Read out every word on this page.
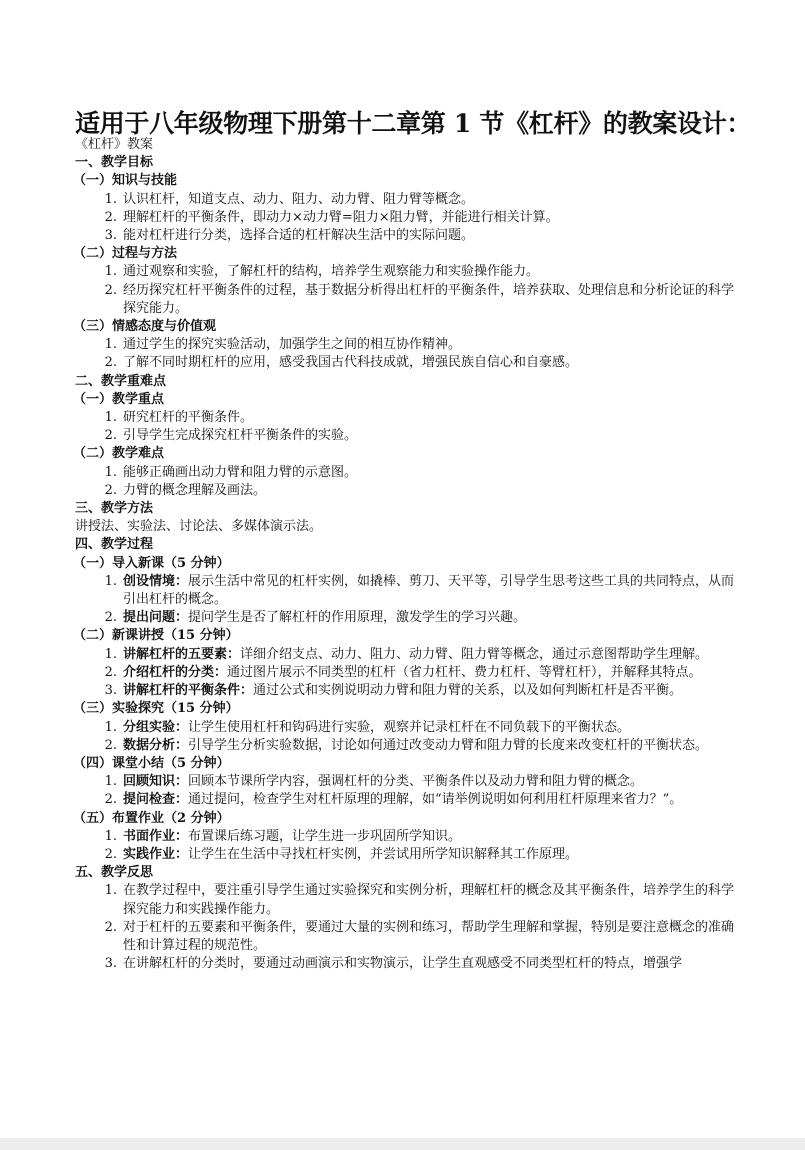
适用于八年级物理下册第十二章第 1 节《杠杆》的教案设计：
《杠杆》教案
一、教学目标
（一）知识与技能
1. 认识杠杆，知道支点、动力、阻力、动力臂、阻力臂等概念。
2. 理解杠杆的平衡条件，即动力×动力臂=阻力×阻力臂，并能进行相关计算。
3. 能对杠杆进行分类，选择合适的杠杆解决生活中的实际问题。
（二）过程与方法
1. 通过观察和实验，了解杠杆的结构，培养学生观察能力和实验操作能力。
2. 经历探究杠杆平衡条件的过程，基于数据分析得出杠杆的平衡条件，培养获取、处理信息和分析论证的科学探究能力。
（三）情感态度与价值观
1. 通过学生的探究实验活动，加强学生之间的相互协作精神。
2. 了解不同时期杠杆的应用，感受我国古代科技成就，增强民族自信心和自豪感。
二、教学重难点
（一）教学重点
1. 研究杠杆的平衡条件。
2. 引导学生完成探究杠杆平衡条件的实验。
（二）教学难点
1. 能够正确画出动力臂和阻力臂的示意图。
2. 力臂的概念理解及画法。
三、教学方法
讲授法、实验法、讨论法、多媒体演示法。
四、教学过程
（一）导入新课（5 分钟）
1. 创设情境：展示生活中常见的杠杆实例，如撬棒、剪刀、天平等，引导学生思考这些工具的共同特点，从而引出杠杆的概念。
2. 提出问题：提问学生是否了解杠杆的作用原理，激发学生的学习兴趣。
（二）新课讲授（15 分钟）
1. 讲解杠杆的五要素：详细介绍支点、动力、阻力、动力臂、阻力臂等概念，通过示意图帮助学生理解。
2. 介绍杠杆的分类：通过图片展示不同类型的杠杆（省力杠杆、费力杠杆、等臂杠杆），并解释其特点。
3. 讲解杠杆的平衡条件：通过公式和实例说明动力臂和阻力臂的关系，以及如何判断杠杆是否平衡。
（三）实验探究（15 分钟）
1. 分组实验：让学生使用杠杆和钩码进行实验，观察并记录杠杆在不同负载下的平衡状态。
2. 数据分析：引导学生分析实验数据，讨论如何通过改变动力臂和阻力臂的长度来改变杠杆的平衡状态。
（四）课堂小结（5 分钟）
1. 回顾知识：回顾本节课所学内容，强调杠杆的分类、平衡条件以及动力臂和阻力臂的概念。
2. 提问检查：通过提问，检查学生对杠杆原理的理解，如“请举例说明如何利用杠杆原理来省力？”。
（五）布置作业（2 分钟）
1. 书面作业：布置课后练习题，让学生进一步巩固所学知识。
2. 实践作业：让学生在生活中寻找杠杆实例，并尝试用所学知识解释其工作原理。
五、教学反思
1. 在教学过程中，要注重引导学生通过实验探究和实例分析，理解杠杆的概念及其平衡条件，培养学生的科学探究能力和实践操作能力。
2. 对于杠杆的五要素和平衡条件，要通过大量的实例和练习，帮助学生理解和掌握，特别是要注意概念的准确性和计算过程的规范性。
3. 在讲解杠杆的分类时，要通过动画演示和实物演示，让学生直观感受不同类型杠杆的特点，增强学
